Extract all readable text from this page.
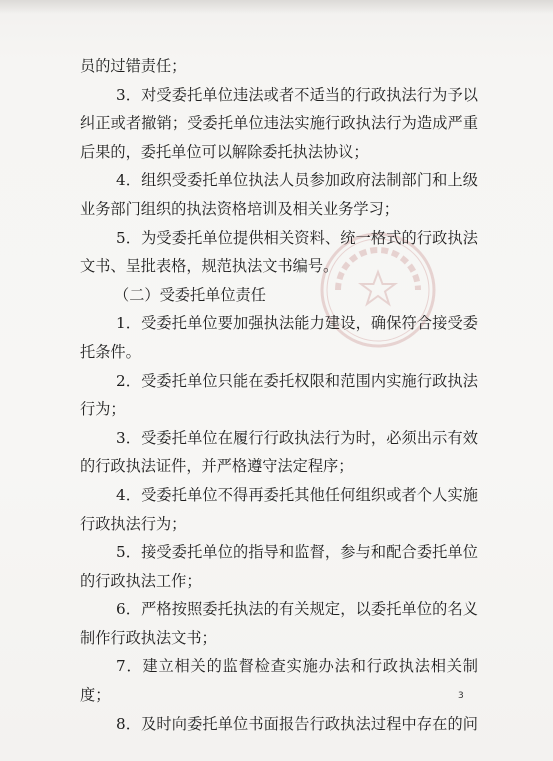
员的过错责任；
3．对受委托单位违法或者不适当的行政执法行为予以
纠正或者撤销；受委托单位违法实施行政执法行为造成严重
后果的，委托单位可以解除委托执法协议；
4．组织受委托单位执法人员参加政府法制部门和上级
业务部门组织的执法资格培训及相关业务学习；
5．为受委托单位提供相关资料、统一格式的行政执法
文书、呈批表格，规范执法文书编号。
（二）受委托单位责任
1．受委托单位要加强执法能力建设，确保符合接受委
托条件。
2．受委托单位只能在委托权限和范围内实施行政执法
行为；
3．受委托单位在履行行政执法行为时，必须出示有效
的行政执法证件，并严格遵守法定程序；
4．受委托单位不得再委托其他任何组织或者个人实施
行政执法行为；
5．接受委托单位的指导和监督，参与和配合委托单位
的行政执法工作；
6．严格按照委托执法的有关规定，以委托单位的名义
制作行政执法文书；
7．建立相关的监督检查实施办法和行政执法相关制
度；
8．及时向委托单位书面报告行政执法过程中存在的问
3
